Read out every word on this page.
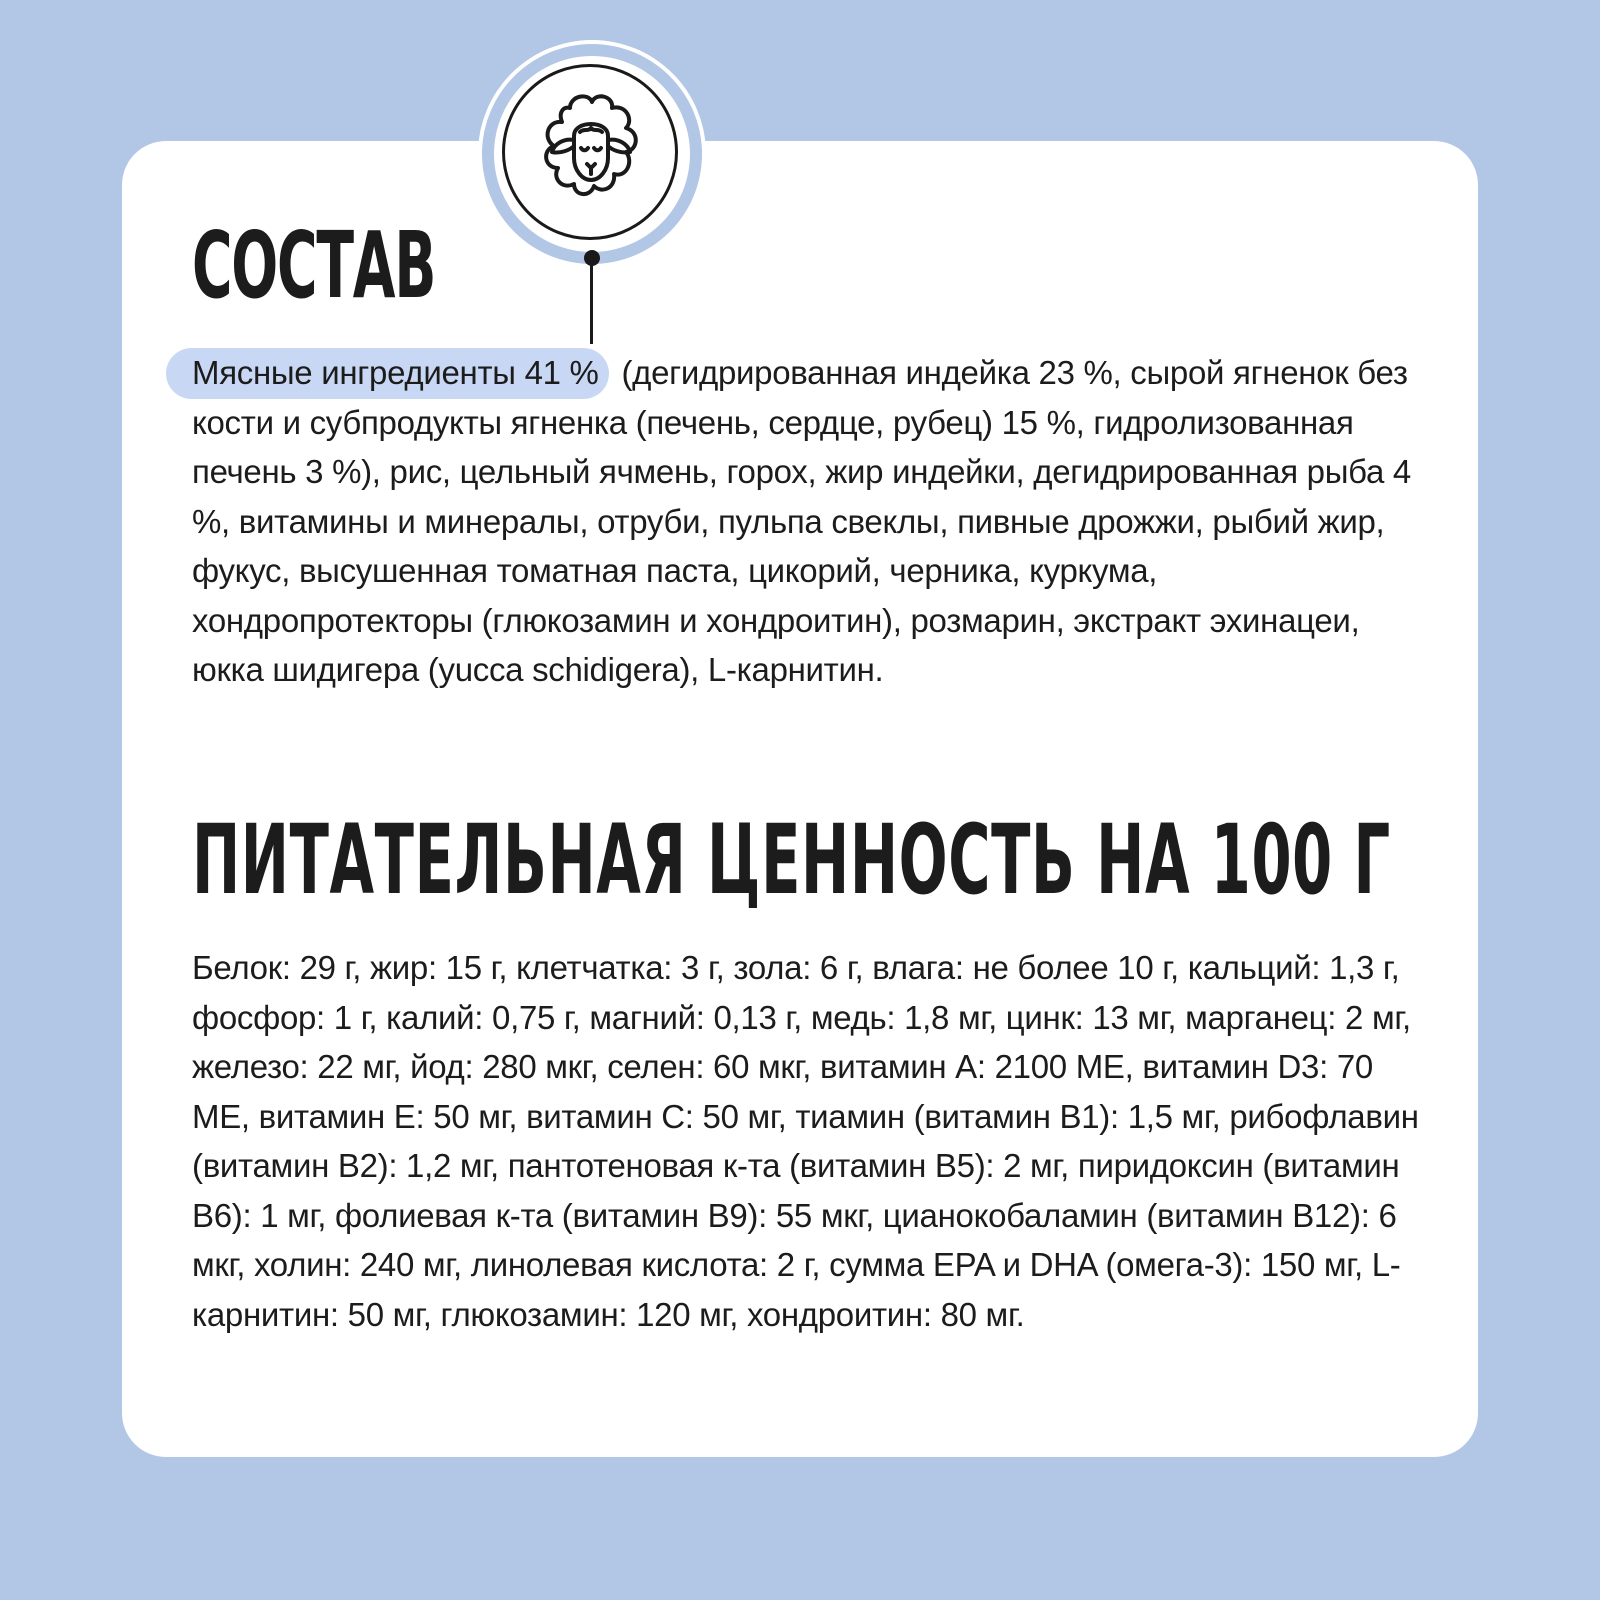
СОСТАВ

Мясные ингредиенты 41 % (дегидрированная индейка 23 %, сырой ягненок без кости и субпродукты ягненка (печень, сердце, рубец) 15 %, гидролизованная печень 3 %), рис, цельный ячмень, горох, жир индейки, дегидрированная рыба 4 %, витамины и минералы, отруби, пульпа свеклы, пивные дрожжи, рыбий жир, фукус, высушенная томатная паста, цикорий, черника, куркума, хондропротекторы (глюкозамин и хондроитин), розмарин, экстракт эхинацеи, юкка шидигера (yucca schidigera), L-карнитин.

ПИТАТЕЛЬНАЯ ЦЕННОСТЬ НА 100 Г

Белок: 29 г, жир: 15 г, клетчатка: 3 г, зола: 6 г, влага: не более 10 г, кальций: 1,3 г, фосфор: 1 г, калий: 0,75 г, магний: 0,13 г, медь: 1,8 мг, цинк: 13 мг, марганец: 2 мг, железо: 22 мг, йод: 280 мкг, селен: 60 мкг, витамин А: 2100 МЕ, витамин D3: 70 МЕ, витамин Е: 50 мг, витамин С: 50 мг, тиамин (витамин В1): 1,5 мг, рибофлавин (витамин В2): 1,2 мг, пантотеновая к-та (витамин В5): 2 мг, пиридоксин (витамин В6): 1 мг, фолиевая к-та (витамин В9): 55 мкг, цианокобаламин (витамин В12): 6 мкг, холин: 240 мг, линолевая кислота: 2 г, сумма EPA и DHA (омега-3): 150 мг, L-карнитин: 50 мг, глюкозамин: 120 мг, хондроитин: 80 мг.
